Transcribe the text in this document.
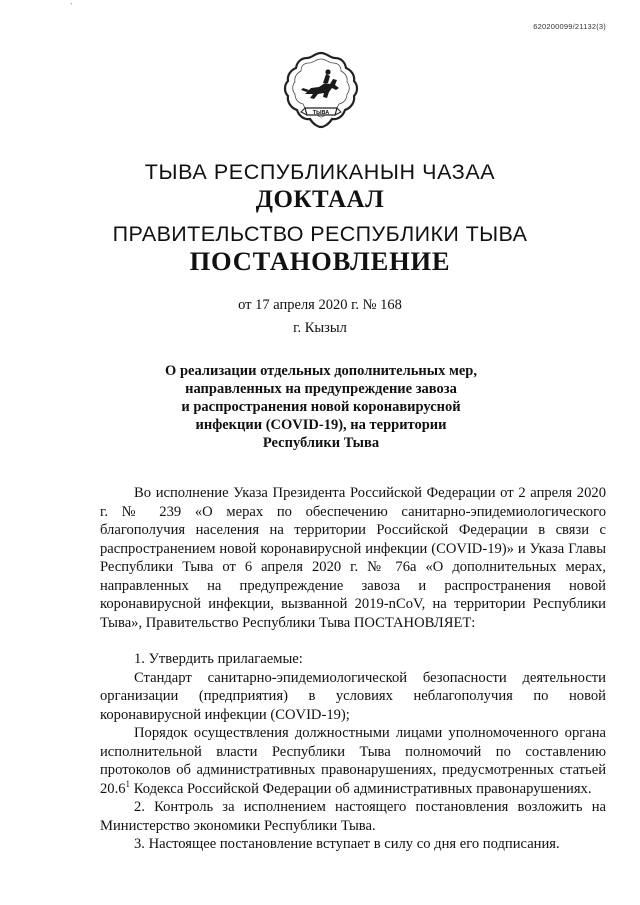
`
620200099/21132(3)
ТЫВА
ТЫВА РЕСПУБЛИКАНЫН ЧАЗАА
ДОКТААЛ
ПРАВИТЕЛЬСТВО РЕСПУБЛИКИ ТЫВА
ПОСТАНОВЛЕНИЕ
от 17 апреля 2020 г. № 168
г. Кызыл
О реализации отдельных дополнительных мер,
направленных на предупреждение завоза
и распространения новой коронавирусной
инфекции (COVID-19), на территории
Республики Тыва

Во исполнение Указа Президента Российской Федерации от 2 апреля 2020 г. № 239 «О мерах по обеспечению санитарно-эпидемиологического благополучия населения на территории Российской Федерации в связи с распространением новой коронавирусной инфекции (COVID-19)» и Указа Главы Республики Тыва от 6 апреля 2020 г. № 76а «О дополнительных мерах, направленных на предупреждение завоза и распространения новой коронавирусной инфекции, вызванной 2019-nCoV, на территории Республики Тыва», Правительство Республики Тыва ПОСТАНОВЛЯЕТ:

1. Утвердить прилагаемые:

Стандарт санитарно-эпидемиологической безопасности деятельности организации (предприятия) в условиях неблагополучия по новой коронавирусной инфекции (COVID-19);

Порядок осуществления должностными лицами уполномоченного органа исполнительной власти Республики Тыва полномочий по составлению протоколов об административных правонарушениях, предусмотренных статьей 20.6$^1$ Кодекса Российской Федерации об административных правонарушениях.

2. Контроль за исполнением настоящего постановления возложить на Министерство экономики Республики Тыва.

3. Настоящее постановление вступает в силу со дня его подписания.
